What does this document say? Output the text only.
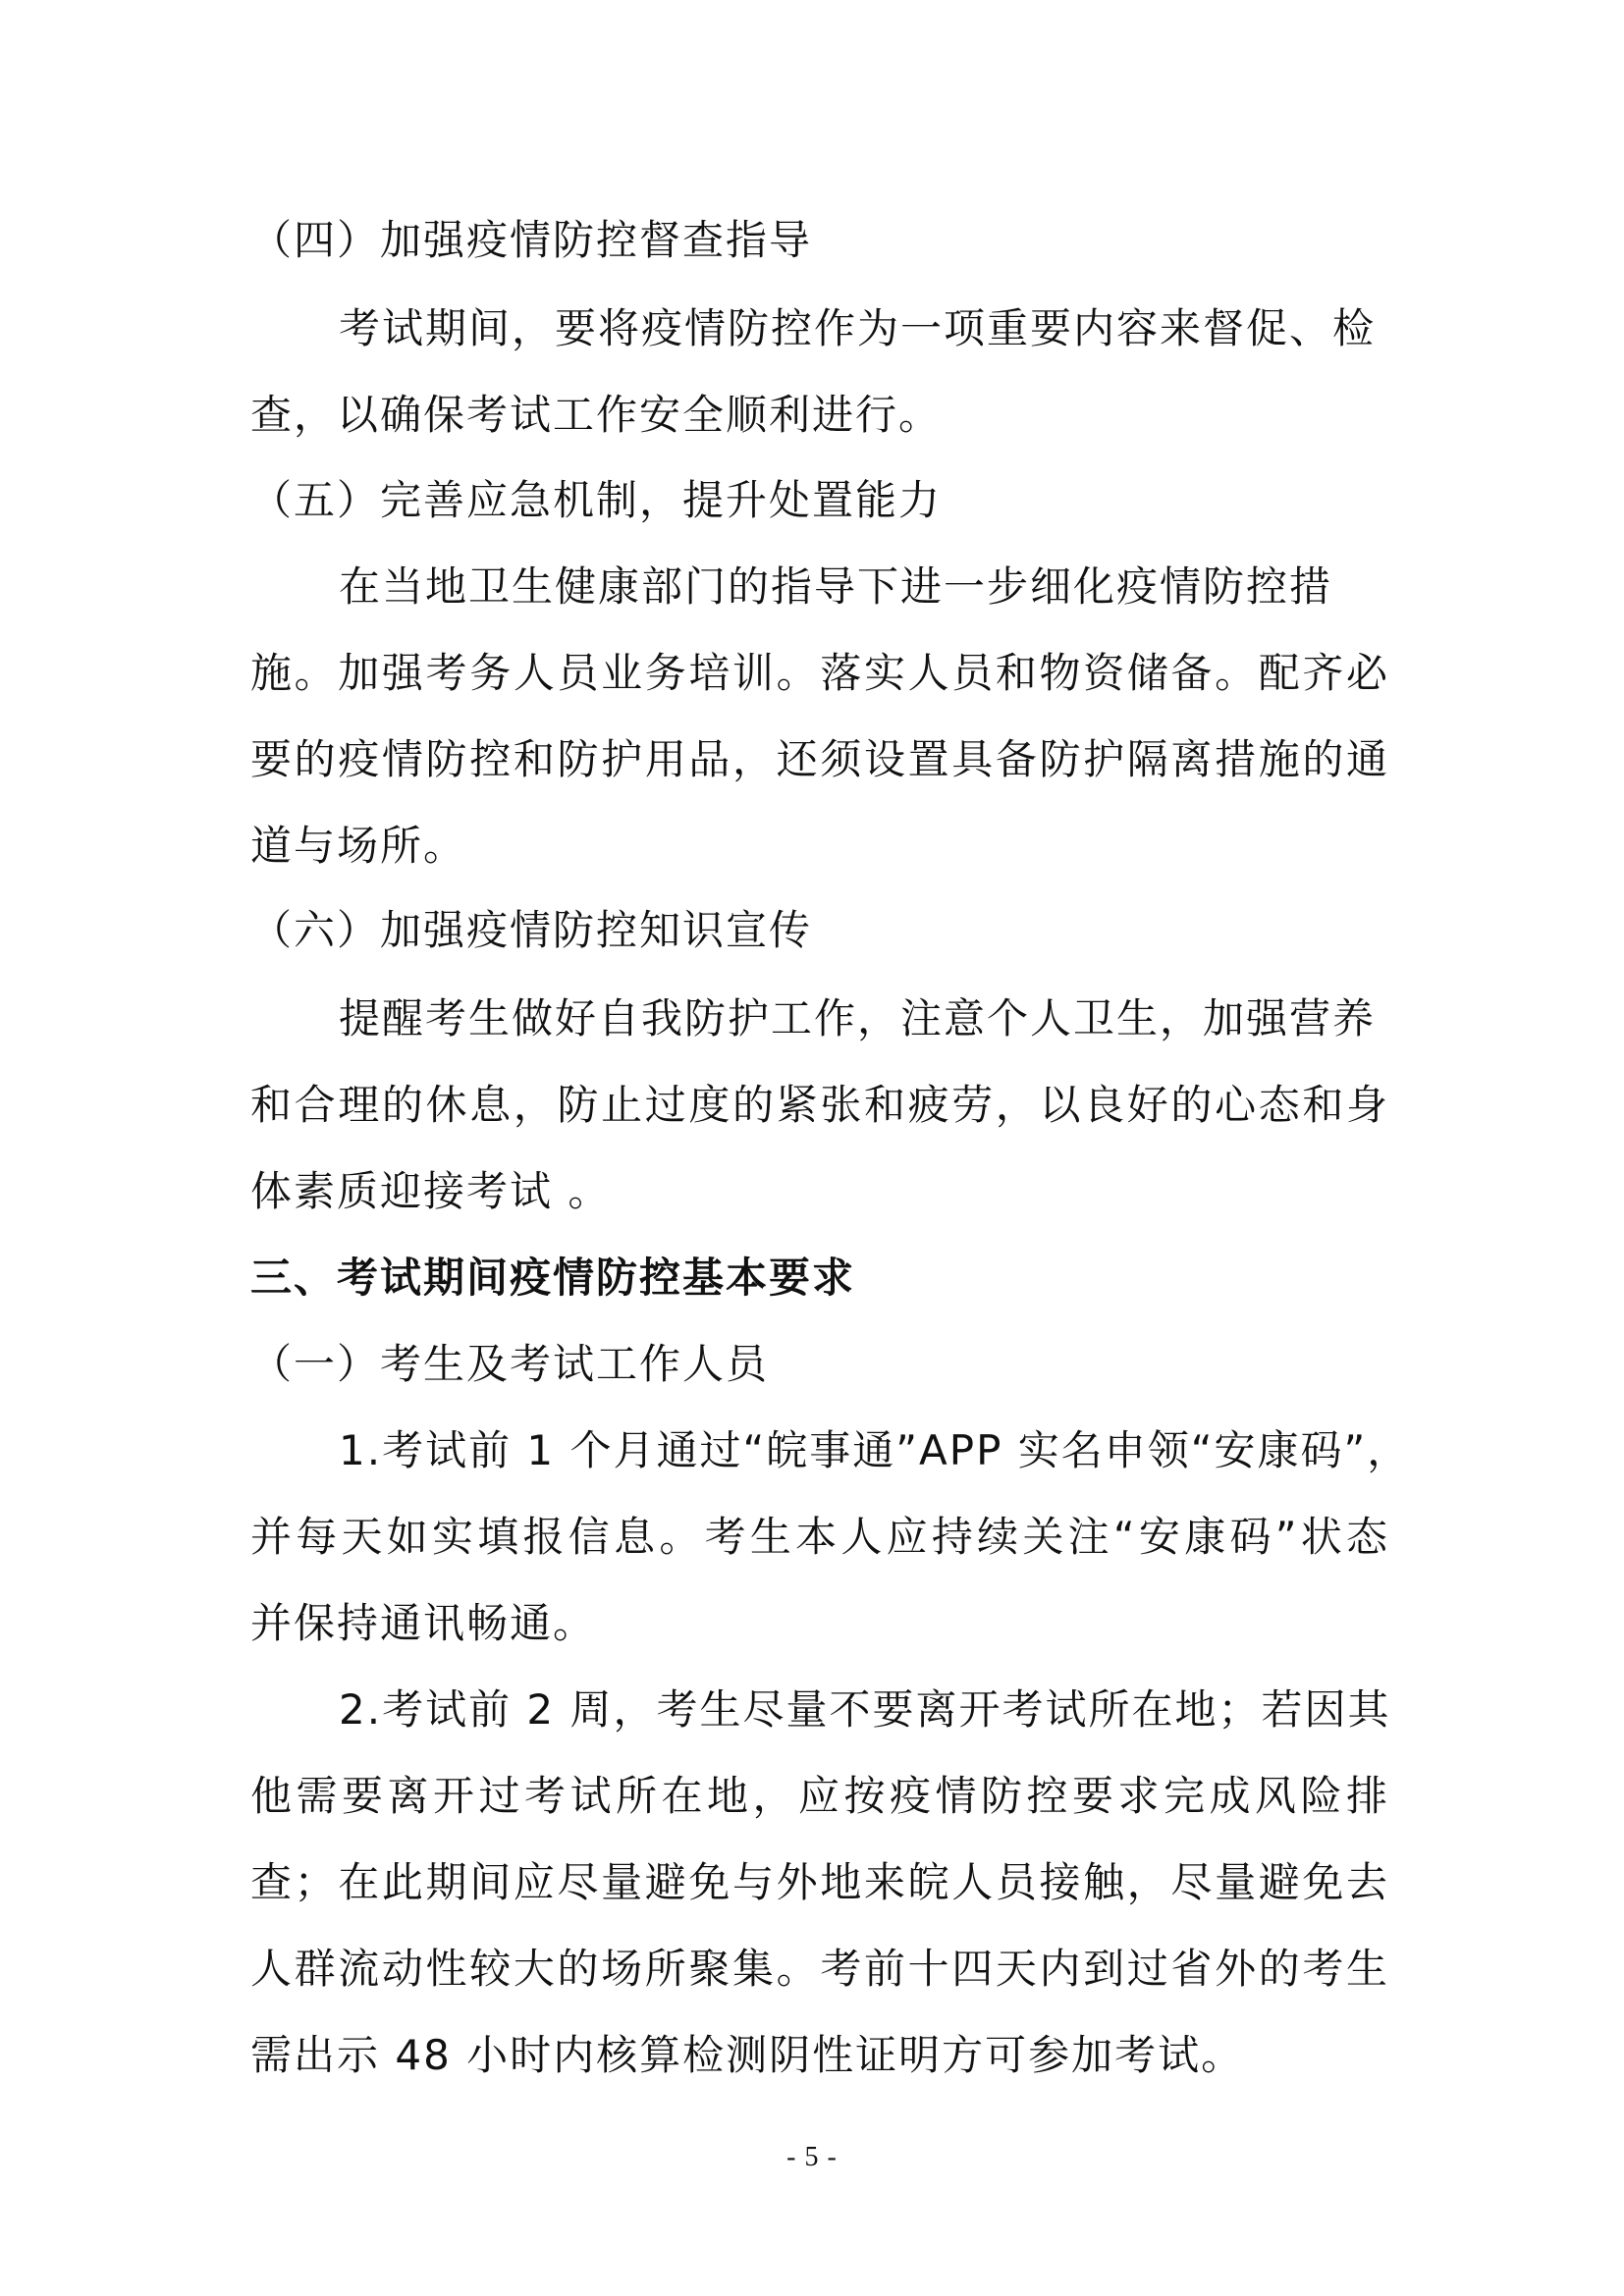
（四）加强疫情防控督查指导
考试期间，要将疫情防控作为一项重要内容来督促、检
查，以确保考试工作安全顺利进行。
（五）完善应急机制，提升处置能力
在当地卫生健康部门的指导下进一步细化疫情防控措
施。加强考务人员业务培训。落实人员和物资储备。配齐必
要的疫情防控和防护用品，还须设置具备防护隔离措施的通
道与场所。
（六）加强疫情防控知识宣传
提醒考生做好自我防护工作，注意个人卫生，加强营养
和合理的休息，防止过度的紧张和疲劳，以良好的心态和身
体素质迎接考试 。
三、考试期间疫情防控基本要求
（一）考生及考试工作人员
1.考试前 1 个月通过“皖事通”APP 实名申领“安康码”，
并每天如实填报信息。考生本人应持续关注“安康码”状态
并保持通讯畅通。
2.考试前 2 周，考生尽量不要离开考试所在地；若因其
他需要离开过考试所在地，应按疫情防控要求完成风险排
查；在此期间应尽量避免与外地来皖人员接触，尽量避免去
人群流动性较大的场所聚集。考前十四天内到过省外的考生
需出示 48 小时内核算检测阴性证明方可参加考试。
- 5 -
